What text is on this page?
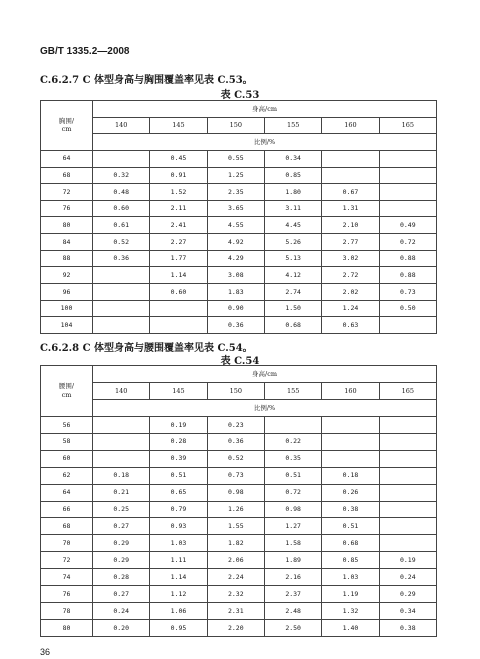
GB/T 1335.2—2008
C.6.2.7 C 体型身高与胸围覆盖率见表 C.53。
表 C.53
胸围/
cm	身高/cm					
	140	145	150	155	160	165
	比例/%					
64		0.45	0.55	0.34		
68	0.32	0.91	1.25	0.85		
72	0.48	1.52	2.35	1.80	0.67	
76	0.60	2.11	3.65	3.11	1.31	
80	0.61	2.41	4.55	4.45	2.10	0.49
84	0.52	2.27	4.92	5.26	2.77	0.72
88	0.36	1.77	4.29	5.13	3.02	0.88
92		1.14	3.08	4.12	2.72	0.88
96		0.60	1.83	2.74	2.02	0.73
100			0.90	1.50	1.24	0.50
104			0.36	0.68	0.63	
C.6.2.8 C 体型身高与腰围覆盖率见表 C.54。
表 C.54
腰围/
cm	身高/cm					
	140	145	150	155	160	165
	比例/%					
56		0.19	0.23			
58		0.28	0.36	0.22		
60		0.39	0.52	0.35		
62	0.18	0.51	0.73	0.51	0.18	
64	0.21	0.65	0.98	0.72	0.26	
66	0.25	0.79	1.26	0.98	0.38	
68	0.27	0.93	1.55	1.27	0.51	
70	0.29	1.03	1.82	1.58	0.68	
72	0.29	1.11	2.06	1.89	0.85	0.19
74	0.28	1.14	2.24	2.16	1.03	0.24
76	0.27	1.12	2.32	2.37	1.19	0.29
78	0.24	1.06	2.31	2.48	1.32	0.34
80	0.20	0.95	2.20	2.50	1.40	0.38
36
